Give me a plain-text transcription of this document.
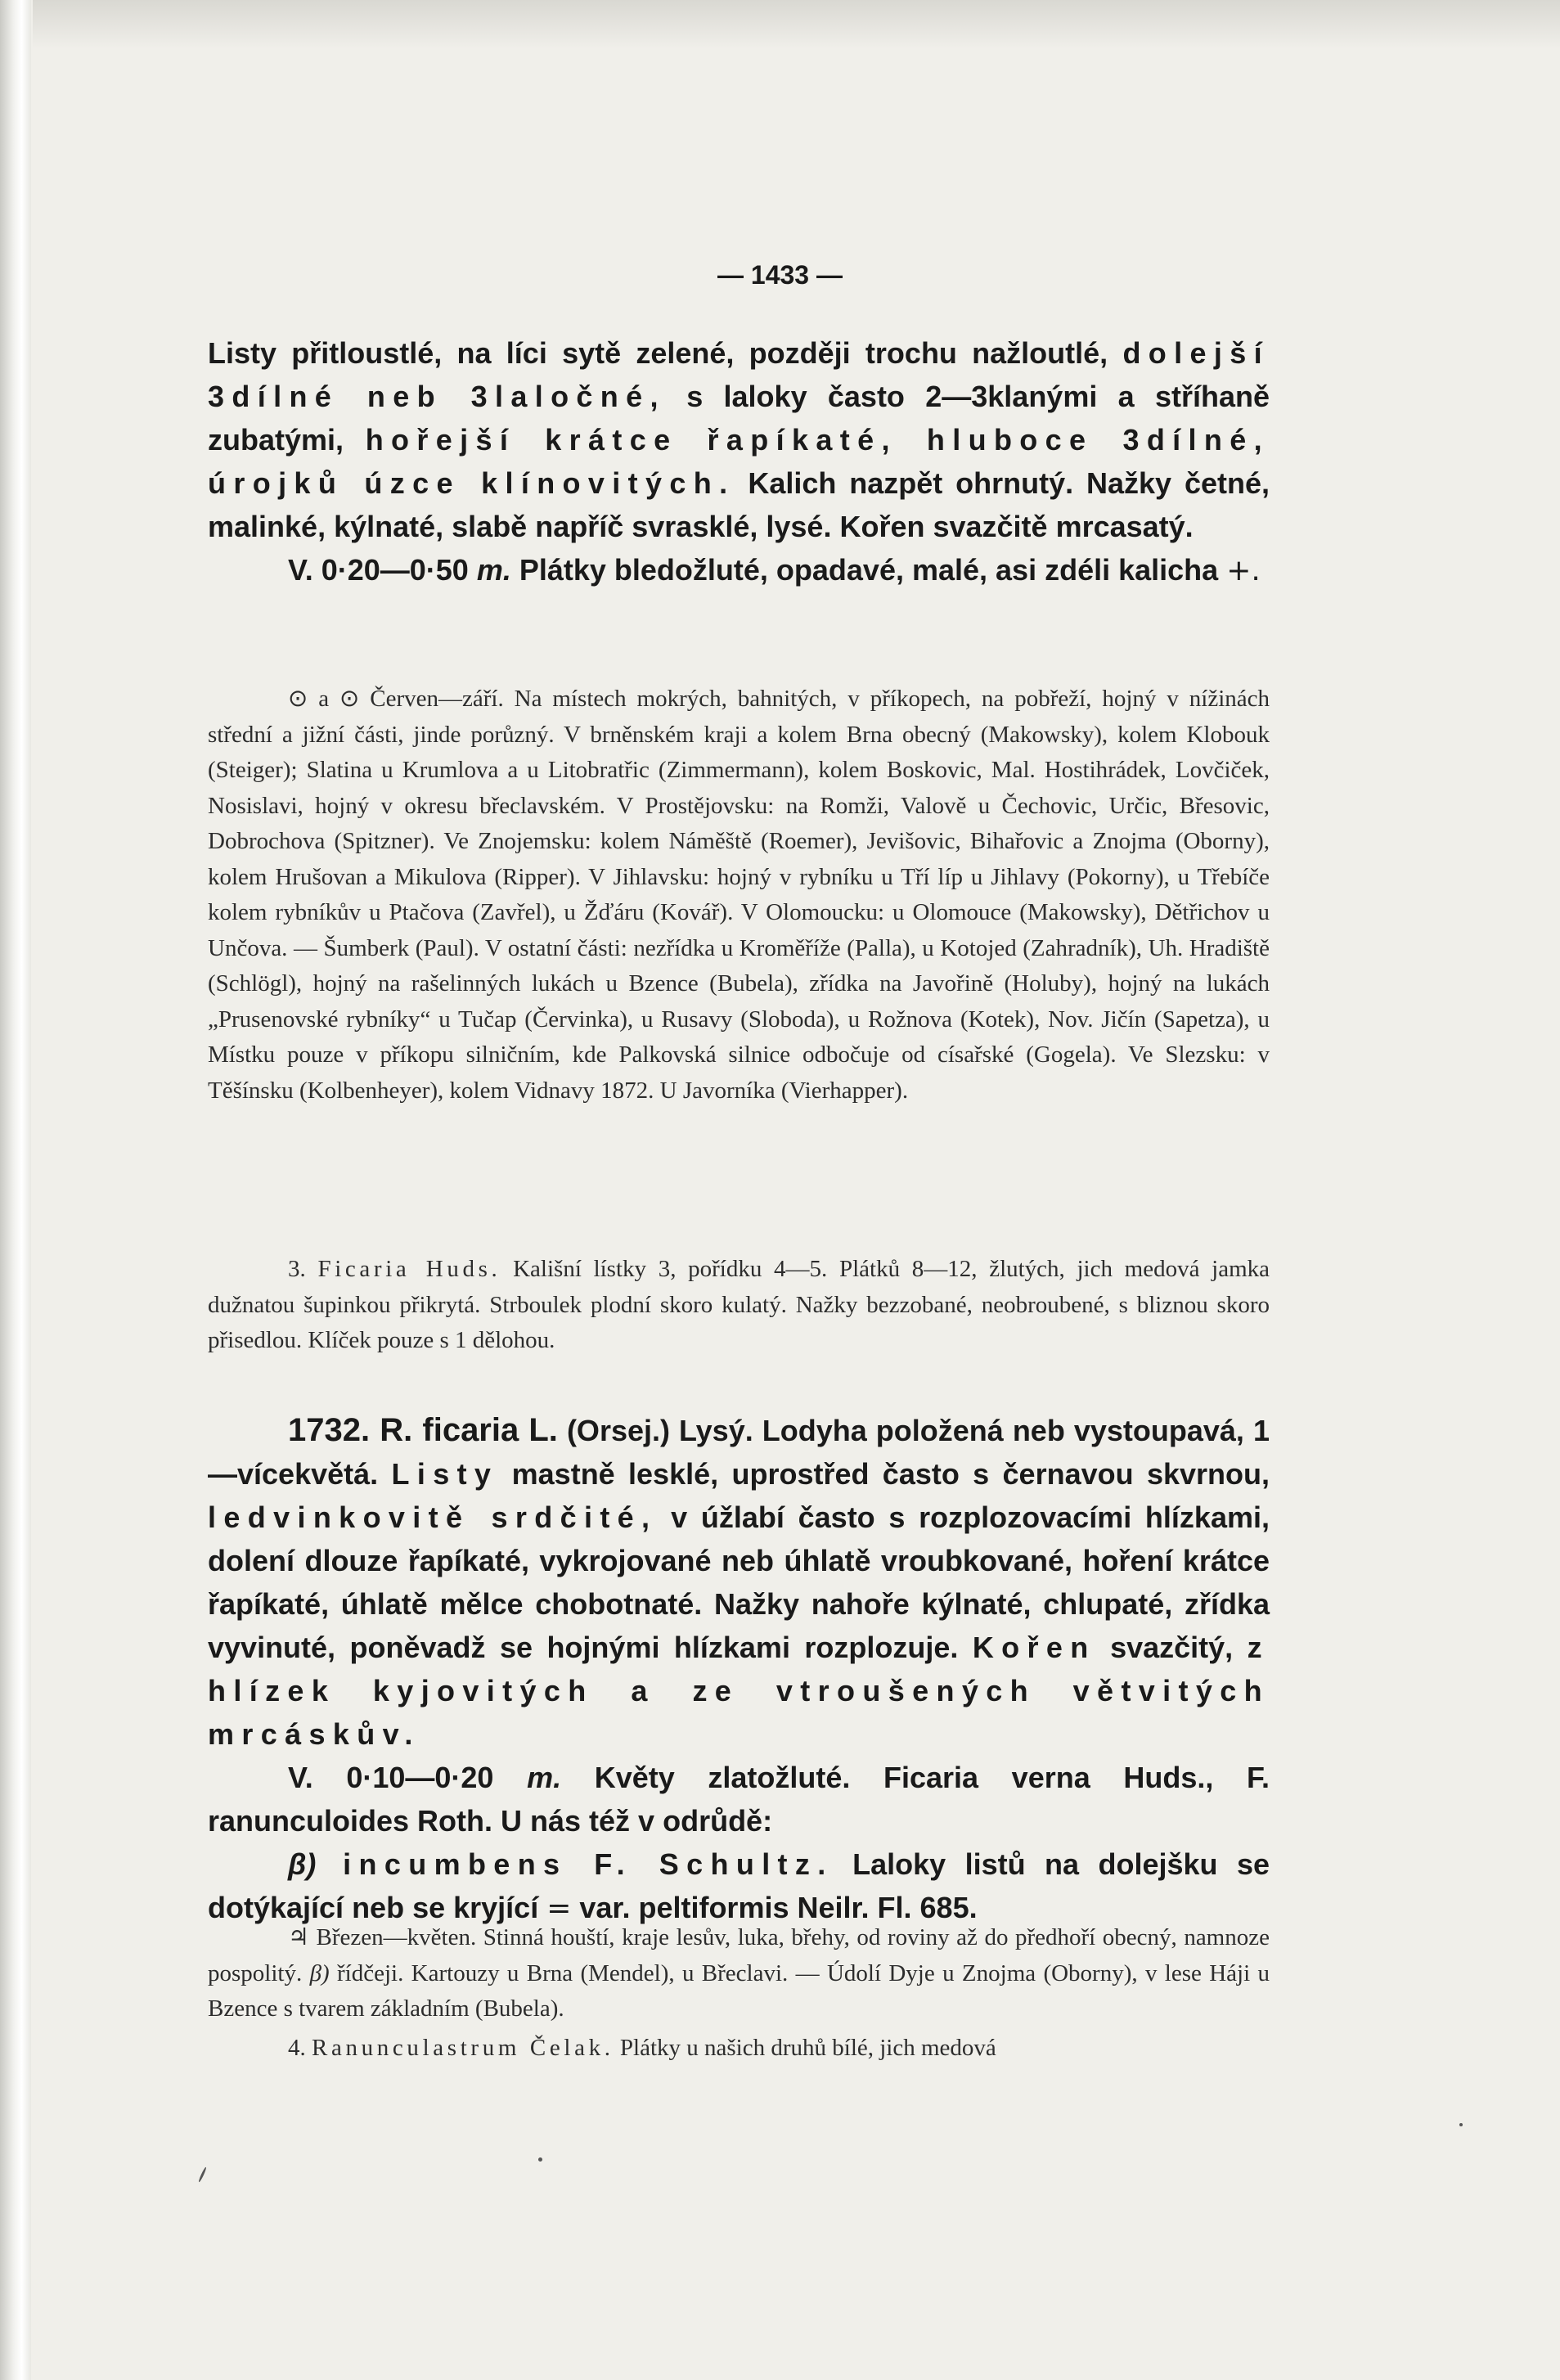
— 1433 —

Listy přitloustlé, na líci sytě zelené, později trochu nažloutlé, dolejší 3dílné neb 3laločné, s laloky často 2—3klanými a stříhaně zubatými, hořejší krátce řapíkaté, hluboce 3dílné, úrojků úzce klínovitých. Kalich nazpět ohrnutý. Nažky četné, malinké, kýlnaté, slabě napříč svrasklé, lysé. Kořen svazčitě mrcasatý.

V. 0·20—0·50 m. Plátky bledožluté, opadavé, malé, asi zdéli kalicha +.

⊙ a ⊙ Červen—září. Na místech mokrých, bahnitých, v příkopech, na pobřeží, hojný v nížinách střední a jižní části, jinde porůzný. V brněnském kraji a kolem Brna obecný (Makowsky), kolem Klobouk (Steiger); Slatina u Krumlova a u Litobratřic (Zimmermann), kolem Boskovic, Mal. Hostihrádek, Lovčiček, Nosislavi, hojný v okresu břeclavském. V Prostějovsku: na Romži, Valově u Čechovic, Určic, Břesovic, Dobrochova (Spitzner). Ve Znojemsku: kolem Náměště (Roemer), Jevišovic, Bihařovic a Znojma (Oborny), kolem Hrušovan a Mikulova (Ripper). V Jihlavsku: hojný v rybníku u Tří líp u Jihlavy (Pokorny), u Třebíče kolem rybníkův u Ptačova (Zavřel), u Žďáru (Kovář). V Olomoucku: u Olomouce (Makowsky), Dětřichov u Unčova. — Šumberk (Paul). V ostatní části: nezřídka u Kroměříže (Palla), u Kotojed (Zahradník), Uh. Hradiště (Schlögl), hojný na rašelinných lukách u Bzence (Bubela), zřídka na Javořině (Holuby), hojný na lukách „Prusenovské rybníky“ u Tučap (Červinka), u Rusavy (Sloboda), u Rožnova (Kotek), Nov. Jičín (Sapetza), u Místku pouze v příkopu silničním, kde Palkovská silnice odbočuje od císařské (Gogela). Ve Slezsku: v Těšínsku (Kolbenheyer), kolem Vidnavy 1872. U Javorníka (Vierhapper).

3. Ficaria Huds. Kališní lístky 3, pořídku 4—5. Plátků 8—12, žlutých, jich medová jamka dužnatou šupinkou přikrytá. Strboulek plodní skoro kulatý. Nažky bezzobané, neobroubené, s bliznou skoro přisedlou. Klíček pouze s 1 dělohou.

1732. R. ficaria L. (Orsej.) Lysý. Lodyha položená neb vystoupavá, 1—vícekvětá. Listy mastně lesklé, uprostřed často s černavou skvrnou, ledvinkovitě srdčité, v úžlabí často s rozplozovacími hlízkami, dolení dlouze řapíkaté, vykrojované neb úhlatě vroubkované, hoření krátce řapíkaté, úhlatě mělce chobotnaté. Nažky nahoře kýlnaté, chlupaté, zřídka vyvinuté, poněvadž se hojnými hlízkami rozplozuje. Kořen svazčitý, z hlízek kyjovitých a ze vtroušených větvitých mrcáskův.

V. 0·10—0·20 m. Květy zlatožluté. Ficaria verna Huds., F. ranunculoides Roth. U nás též v odrůdě:

β) incumbens F. Schultz. Laloky listů na dolejšku se dotýkající neb se kryjící = var. peltiformis Neilr. Fl. 685.

♃ Březen—květen. Stinná houští, kraje lesův, luka, břehy, od roviny až do předhoří obecný, namnoze pospolitý. β) řídčeji. Kartouzy u Brna (Mendel), u Břeclavi. — Údolí Dyje u Znojma (Oborny), v lese Háji u Bzence s tvarem základním (Bubela).

4. Ranunculastrum Čelak. Plátky u našich druhů bílé, jich medová
